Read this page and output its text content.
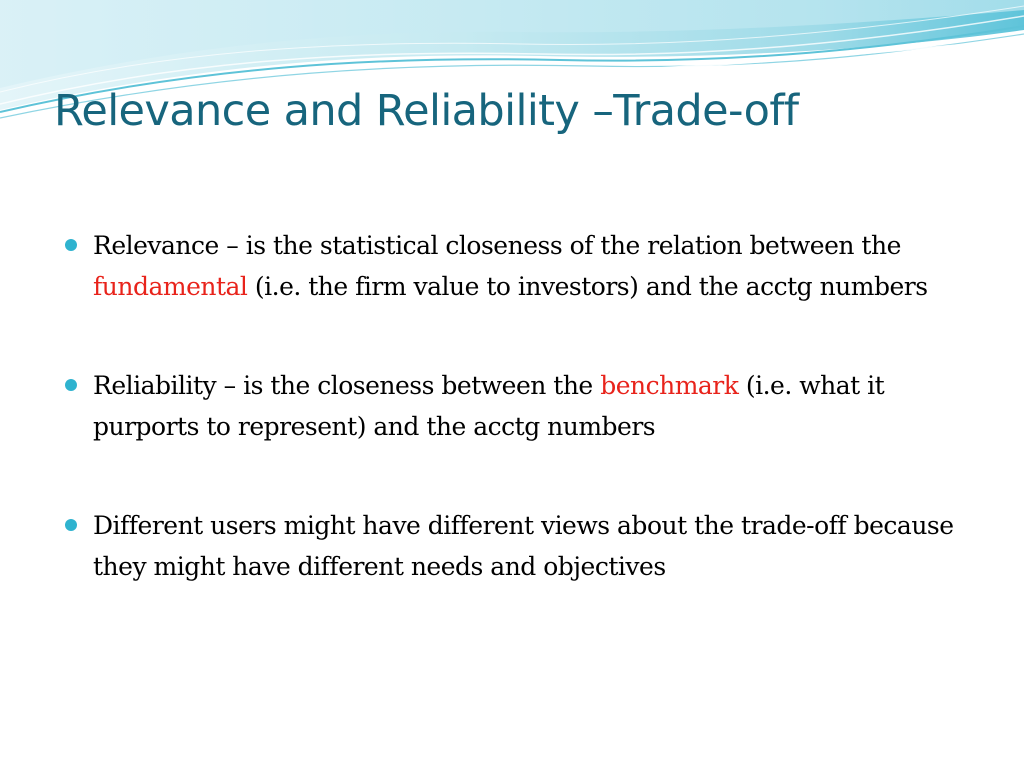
Relevance and Reliability –Trade-off
Relevance – is the statistical closeness of the relation between the fundamental (i.e. the firm value to investors) and the acctg numbers
Reliability – is the closeness between the benchmark (i.e. what it purports to represent) and the acctg numbers
Different users might have different views about the trade-off because they might have different needs and objectives
